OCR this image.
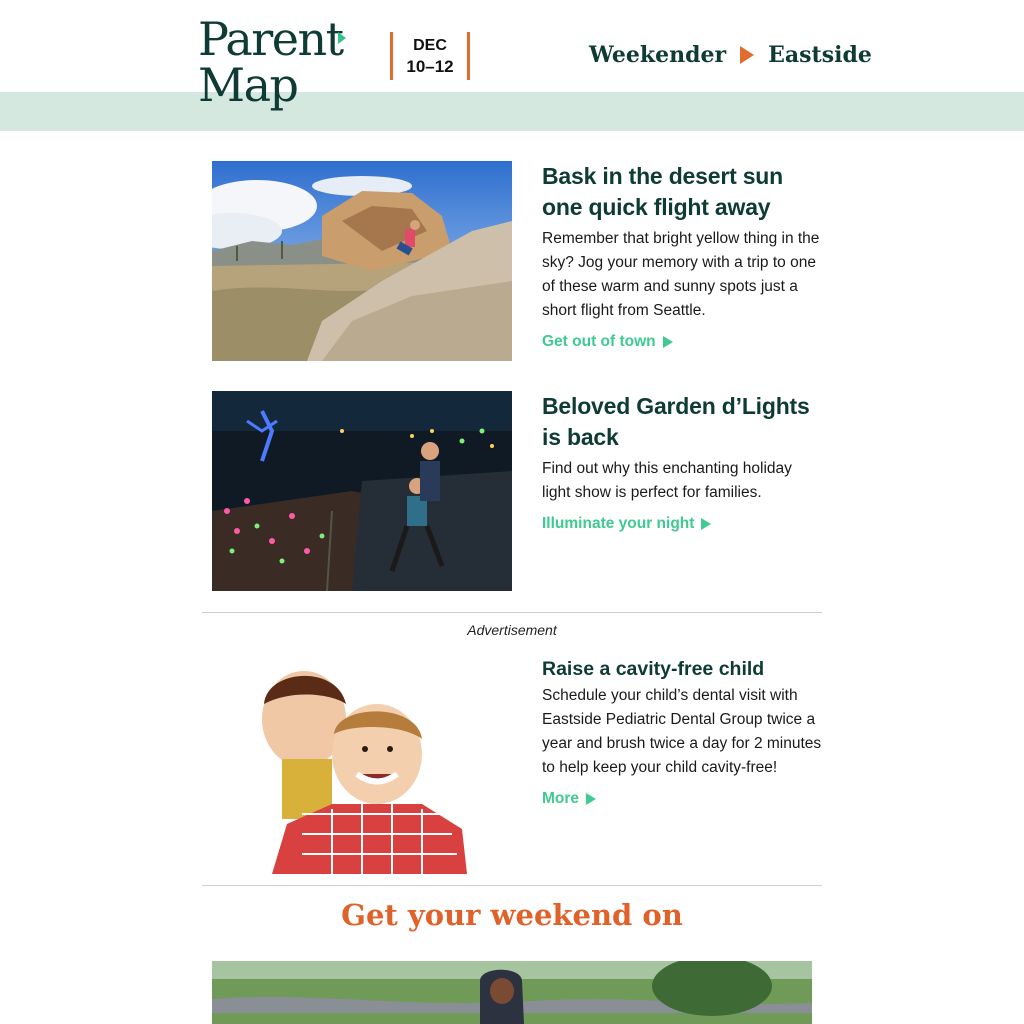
Parent
Map
DEC
10–12	Weekender Eastside
Bask in the desert sun one quick flight away

Remember that bright yellow thing in the sky? Jog your memory with a trip to one of these warm and sunny spots just a short flight from Seattle.

Get out of town
Beloved Garden d’Lights is back

Find out why this enchanting holiday light show is perfect for families.

Illuminate your night
Advertisement
Raise a cavity-free child

Schedule your child’s dental visit with Eastside Pediatric Dental Group twice a year and brush twice a day for 2 minutes to help keep your child cavity-free!

More
Get your weekend on
